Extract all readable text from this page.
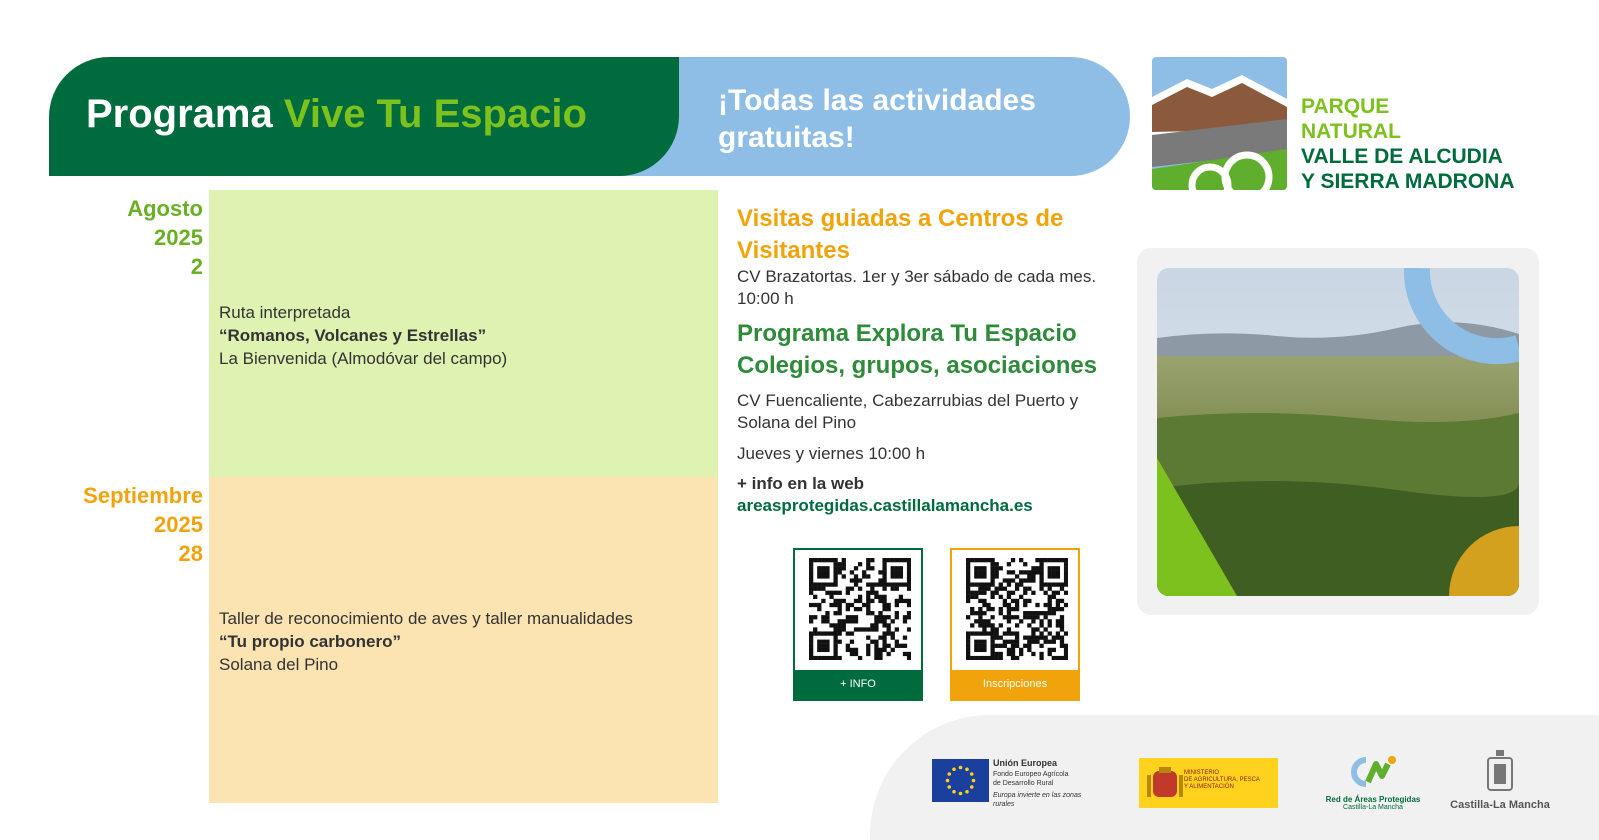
Programa Vive Tu Espacio	¡Todas las actividades gratuitas!
PARQUE
NATURAL
VALLE DE ALCUDIA
Y SIERRA MADRONA
Agosto
2025
2
Ruta interpretada
“Romanos, Volcanes y Estrellas”
La Bienvenida (Almodóvar del campo)
Septiembre
2025
28
Taller de reconocimiento de aves y taller manualidades
“Tu propio carbonero”
Solana del Pino
Visitas guiadas a Centros de Visitantes
CV Brazatortas. 1er y 3er sábado de cada mes. 10:00 h
Programa Explora Tu Espacio Colegios, grupos, asociaciones
CV Fuencaliente, Cabezarrubias del Puerto y Solana del Pino
Jueves y viernes 10:00 h
+ info en la web
areasprotegidas.castillalamancha.es
+ INFO	Inscripciones
Unión Europea
Fondo Europeo Agrícola
de Desarrollo Rural
Europa invierte en las zonas rurales
MINISTERIO
DE AGRICULTURA, PESCA
Y ALIMENTACIÓN
Red de Áreas Protegidas
Castilla-La Mancha	Castilla-La Mancha
